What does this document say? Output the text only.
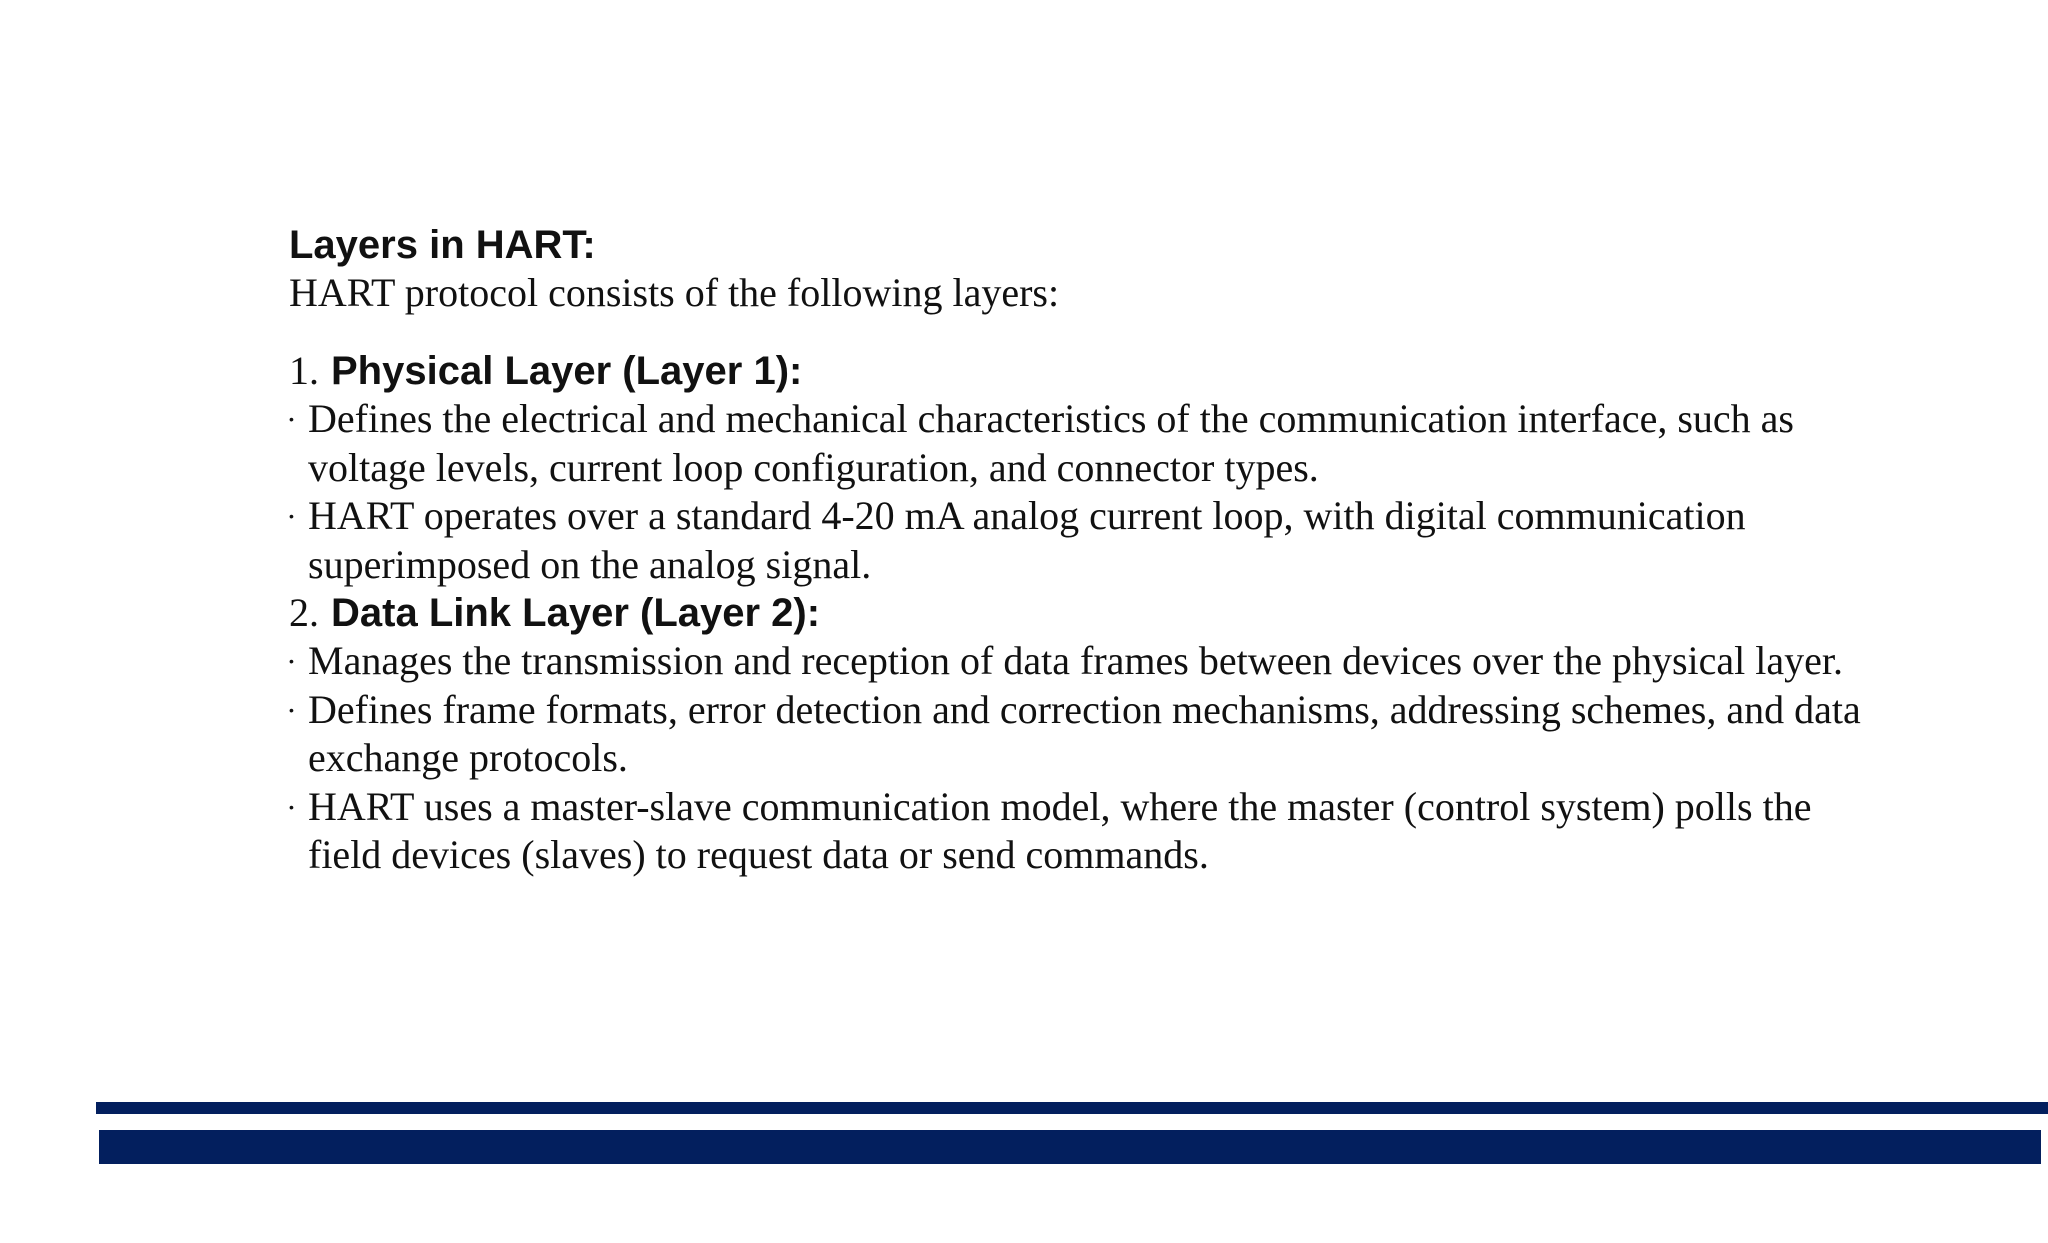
Layers in HART:

HART protocol consists of the following layers:

1. Physical Layer (Layer 1):
• Defines the electrical and mechanical characteristics of the communication interface, such as voltage levels, current loop configuration, and connector types.
• HART operates over a standard 4-20 mA analog current loop, with digital communication superimposed on the analog signal.
2. Data Link Layer (Layer 2):
• Manages the transmission and reception of data frames between devices over the physical layer.
• Defines frame formats, error detection and correction mechanisms, addressing schemes, and data exchange protocols.
• HART uses a master-slave communication model, where the master (control system) polls the field devices (slaves) to request data or send commands.
